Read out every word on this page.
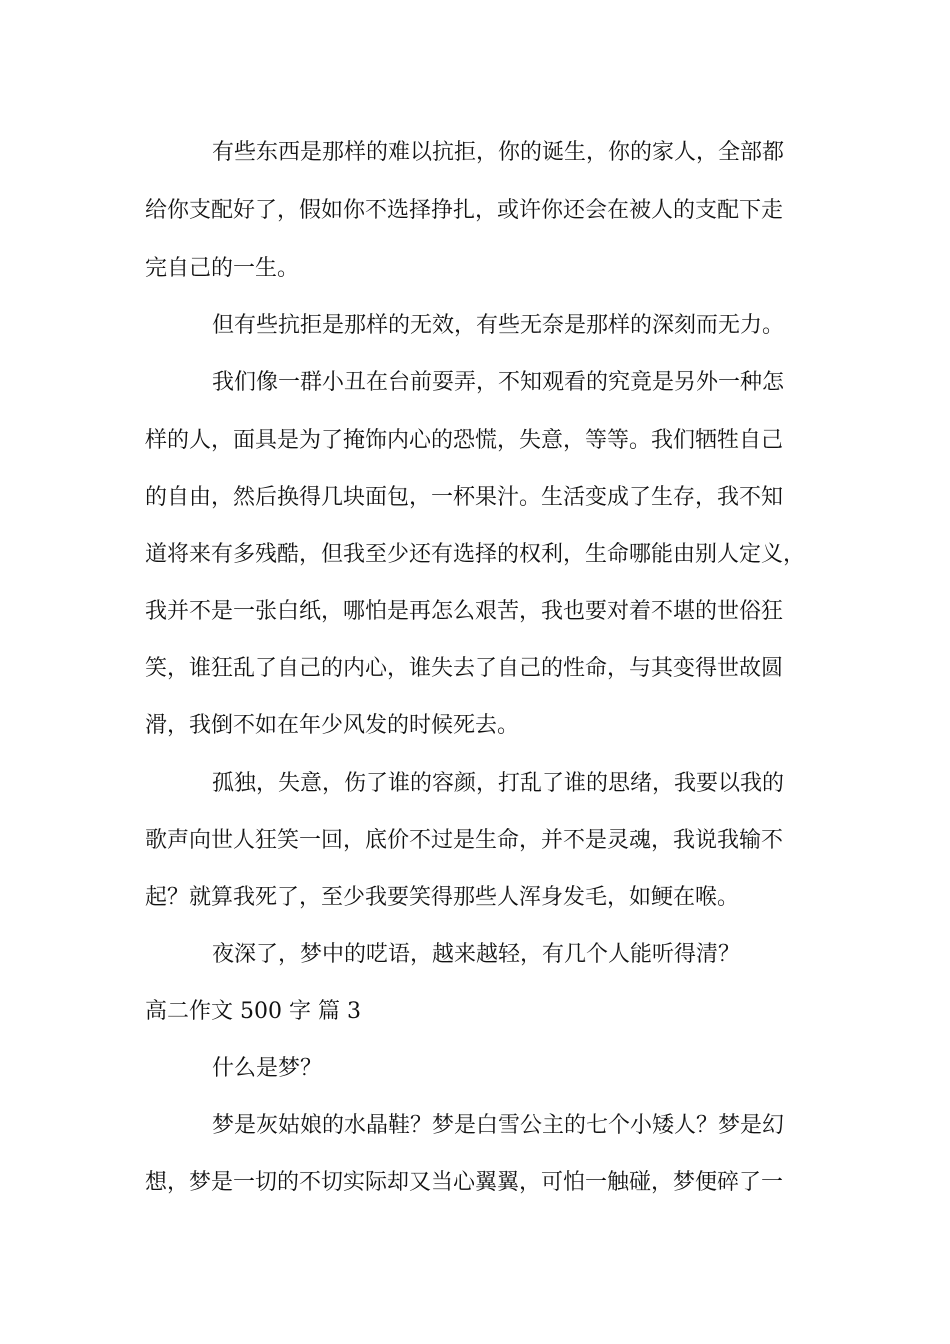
有些东西是那样的难以抗拒，你的诞生，你的家人，全部都
给你支配好了，假如你不选择挣扎，或许你还会在被人的支配下走
完自己的一生。
但有些抗拒是那样的无效，有些无奈是那样的深刻而无力。
我们像一群小丑在台前耍弄，不知观看的究竟是另外一种怎
样的人，面具是为了掩饰内心的恐慌，失意，等等。我们牺牲自己
的自由，然后换得几块面包，一杯果汁。生活变成了生存，我不知
道将来有多残酷，但我至少还有选择的权利，生命哪能由别人定义，
我并不是一张白纸，哪怕是再怎么艰苦，我也要对着不堪的世俗狂
笑，谁狂乱了自己的内心，谁失去了自己的性命，与其变得世故圆
滑，我倒不如在年少风发的时候死去。
孤独，失意，伤了谁的容颜，打乱了谁的思绪，我要以我的
歌声向世人狂笑一回，底价不过是生命，并不是灵魂，我说我输不
起？就算我死了，至少我要笑得那些人浑身发毛，如鲠在喉。
夜深了，梦中的呓语，越来越轻，有几个人能听得清？
高二作文 500 字 篇 3
什么是梦？
梦是灰姑娘的水晶鞋？梦是白雪公主的七个小矮人？梦是幻
想，梦是一切的不切实际却又当心翼翼，可怕一触碰，梦便碎了一
